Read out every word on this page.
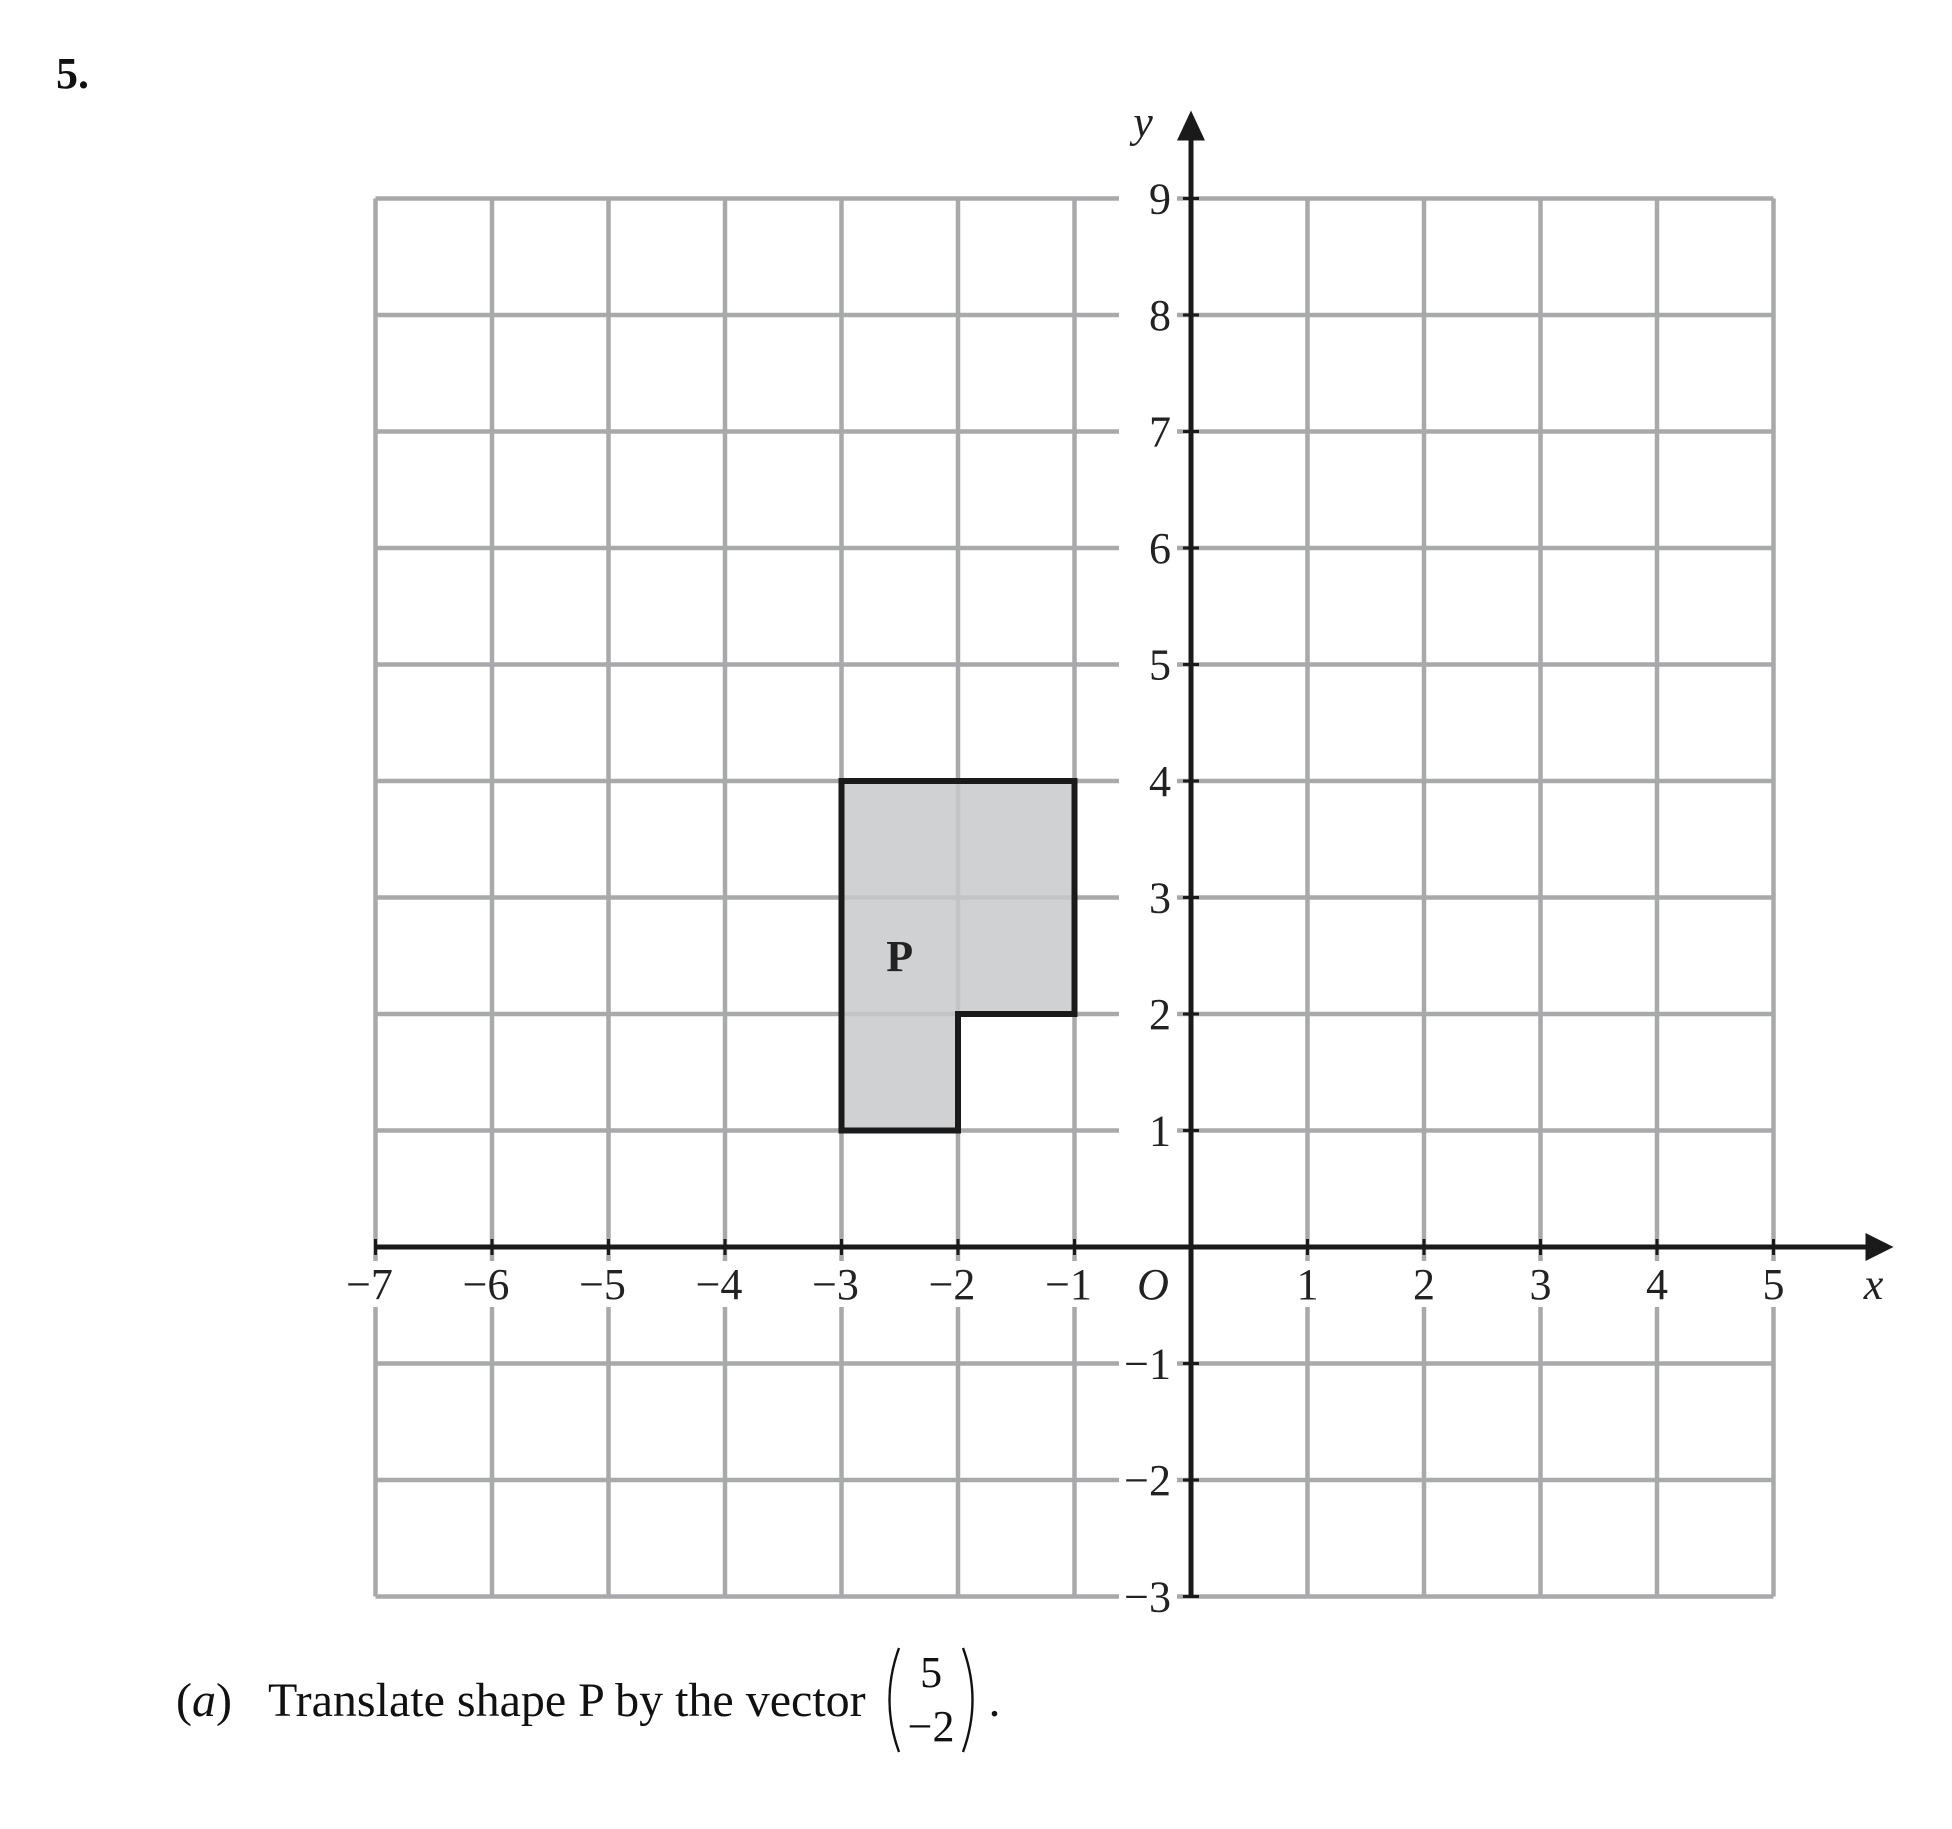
5.
−7 −6 −5 −4 −3 −2 −1	1 2 3 4 5
9
8
7
6
5
4
3
2
1
−1
−2
−3
O	x
y
P
(a) Translate shape P by the vector
5
−2 .
